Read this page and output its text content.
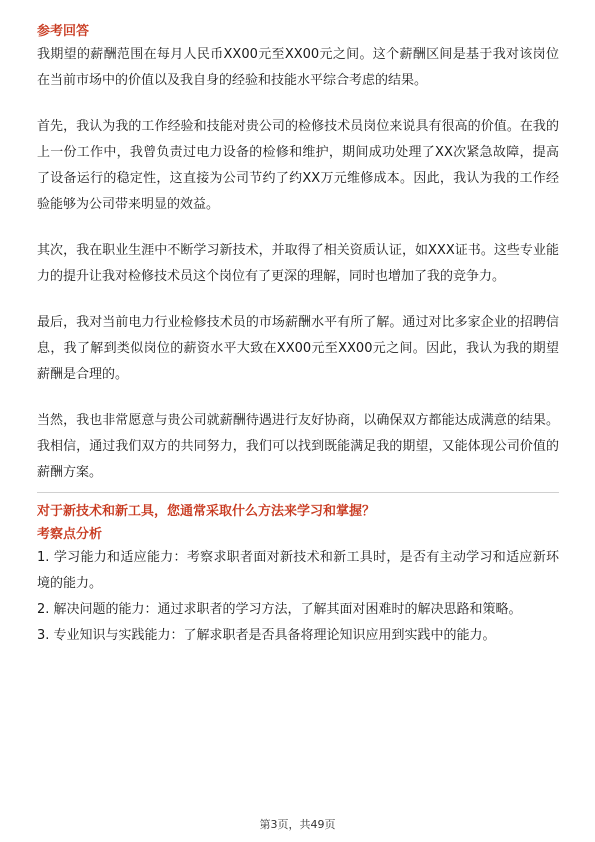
参考回答

我期望的薪酬范围在每月人民币XX00元至XX00元之间。这个薪酬区间是基于我对该岗位在当前市场中的价值以及我自身的经验和技能水平综合考虑的结果。

首先，我认为我的工作经验和技能对贵公司的检修技术员岗位来说具有很高的价值。在我的上一份工作中，我曾负责过电力设备的检修和维护，期间成功处理了XX次紧急故障，提高了设备运行的稳定性，这直接为公司节约了约XX万元维修成本。因此，我认为我的工作经验能够为公司带来明显的效益。

其次，我在职业生涯中不断学习新技术，并取得了相关资质认证，如XXX证书。这些专业能力的提升让我对检修技术员这个岗位有了更深的理解，同时也增加了我的竞争力。

最后，我对当前电力行业检修技术员的市场薪酬水平有所了解。通过对比多家企业的招聘信息，我了解到类似岗位的薪资水平大致在XX00元至XX00元之间。因此，我认为我的期望薪酬是合理的。

当然，我也非常愿意与贵公司就薪酬待遇进行友好协商，以确保双方都能达成满意的结果。我相信，通过我们双方的共同努力，我们可以找到既能满足我的期望，又能体现公司价值的薪酬方案。

对于新技术和新工具，您通常采取什么方法来学习和掌握？

考察点分析

1. 学习能力和适应能力：考察求职者面对新技术和新工具时，是否有主动学习和适应新环境的能力。
2. 解决问题的能力：通过求职者的学习方法，了解其面对困难时的解决思路和策略。
3. 专业知识与实践能力：了解求职者是否具备将理论知识应用到实践中的能力。
第3页，共49页
